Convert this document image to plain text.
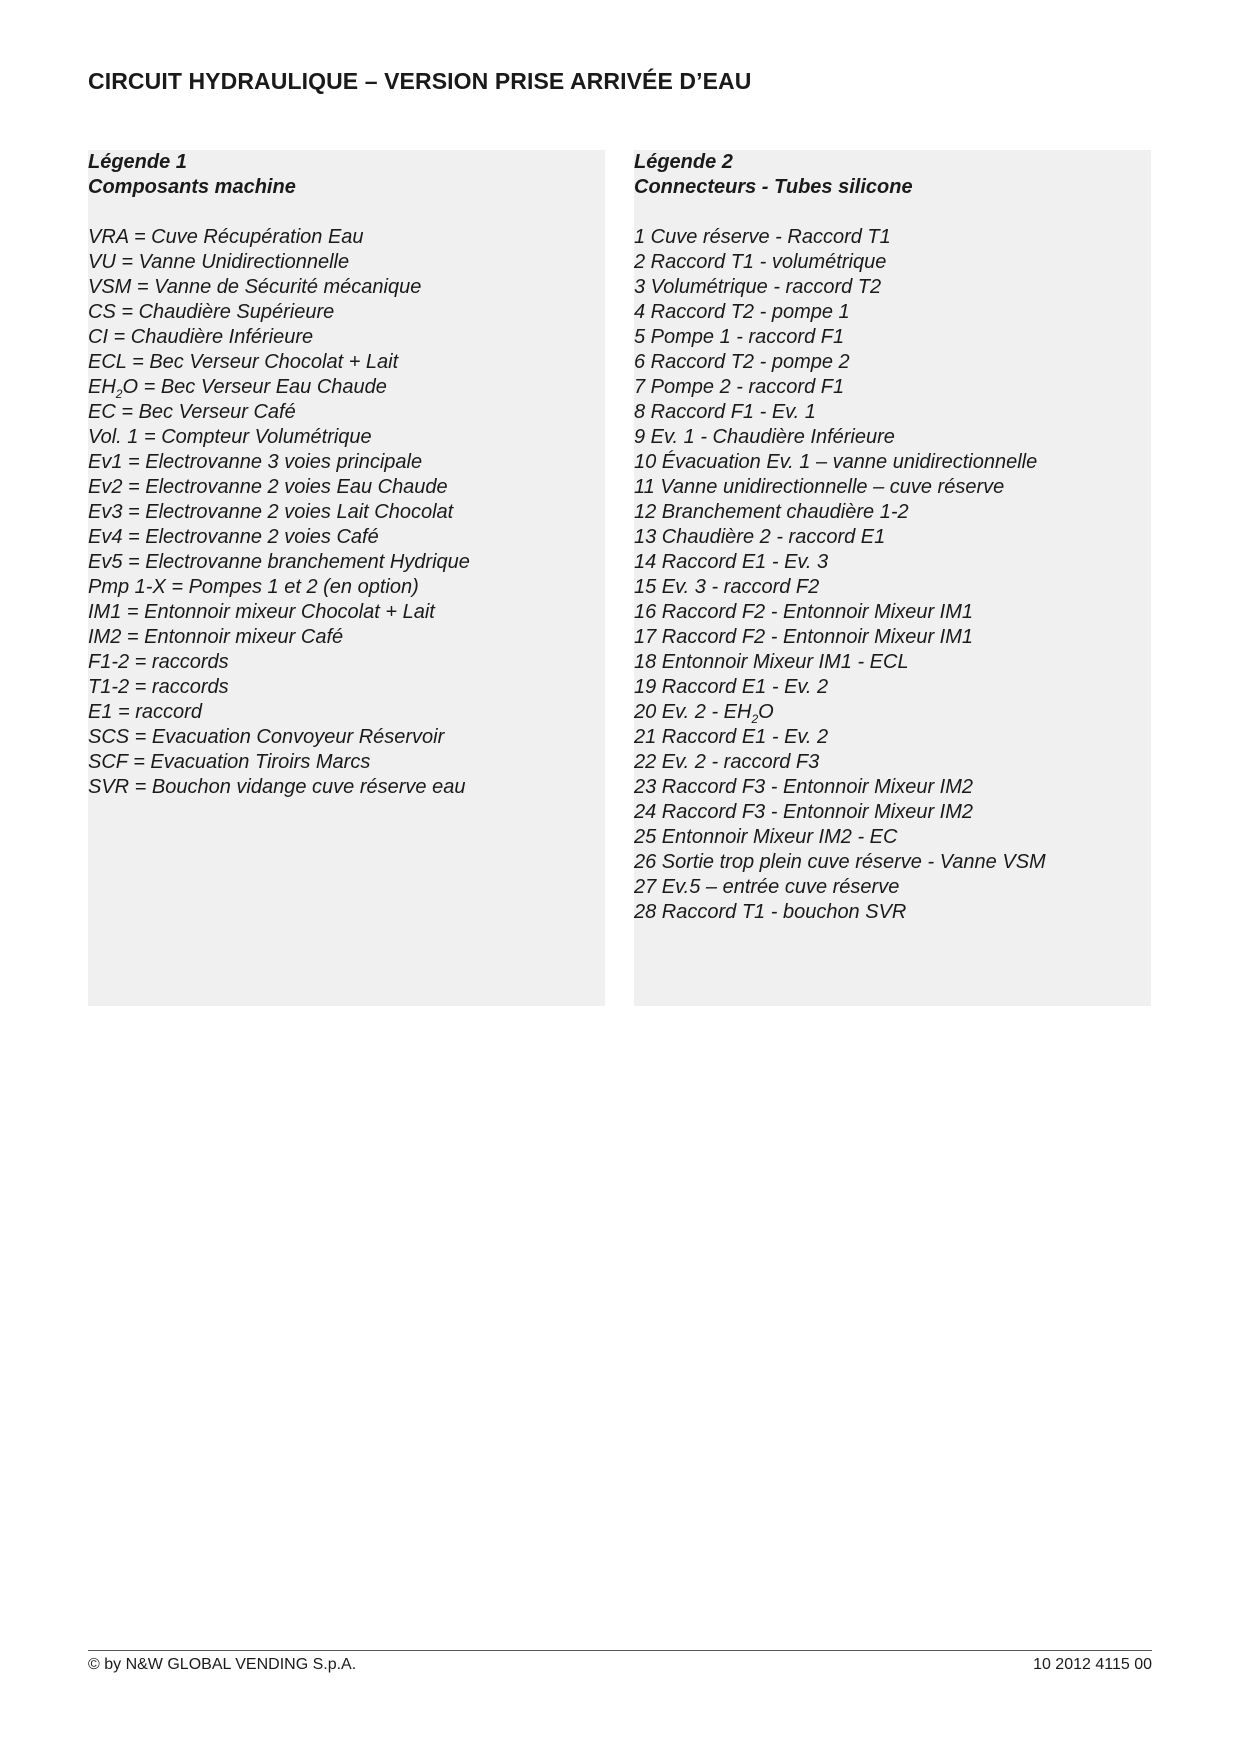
CIRCUIT HYDRAULIQUE – VERSION PRISE ARRIVÉE D’EAU
Légende 1
Composants machine
VRA = Cuve Récupération Eau
VU = Vanne Unidirectionnelle
VSM = Vanne de Sécurité mécanique
CS = Chaudière Supérieure
CI = Chaudière Inférieure
ECL = Bec Verseur Chocolat + Lait
$EH_2O$ = Bec Verseur Eau Chaude
EC = Bec Verseur Café
Vol. 1 = Compteur Volumétrique
Ev1 = Electrovanne 3 voies principale
Ev2 = Electrovanne 2 voies Eau Chaude
Ev3 = Electrovanne 2 voies Lait Chocolat
Ev4 = Electrovanne 2 voies Café
Ev5 = Electrovanne branchement Hydrique
Pmp 1-X = Pompes 1 et 2 (en option)
IM1 = Entonnoir mixeur Chocolat + Lait
IM2 = Entonnoir mixeur Café
F1-2 = raccords
T1-2 = raccords
E1 = raccord
SCS = Evacuation Convoyeur Réservoir
SCF = Evacuation Tiroirs Marcs
SVR = Bouchon vidange cuve réserve eau
Légende 2
Connecteurs - Tubes silicone
1 Cuve réserve - Raccord T1
2 Raccord T1 - volumétrique
3 Volumétrique - raccord T2
4 Raccord T2 - pompe 1
5 Pompe 1 - raccord F1
6 Raccord T2 - pompe 2
7 Pompe 2 - raccord F1
8 Raccord F1 - Ev. 1
9 Ev. 1 - Chaudière Inférieure
10 Évacuation Ev. 1 – vanne unidirectionnelle
11 Vanne unidirectionnelle – cuve réserve
12 Branchement chaudière 1-2
13 Chaudière 2 - raccord E1
14 Raccord E1 - Ev. 3
15 Ev. 3 - raccord F2
16 Raccord F2 - Entonnoir Mixeur IM1
17 Raccord F2 - Entonnoir Mixeur IM1
18 Entonnoir Mixeur IM1 - ECL
19 Raccord E1 - Ev. 2
20 Ev. $2 - EH_2O$
21 Raccord E1 - Ev. 2
22 Ev. 2 - raccord F3
23 Raccord F3 - Entonnoir Mixeur IM2
24 Raccord F3 - Entonnoir Mixeur IM2
25 Entonnoir Mixeur IM2 - EC
26 Sortie trop plein cuve réserve - Vanne VSM
27 Ev.5 – entrée cuve réserve
28 Raccord T1 - bouchon SVR
© by N&W GLOBAL VENDING S.p.A.	10 2012 4115 00
